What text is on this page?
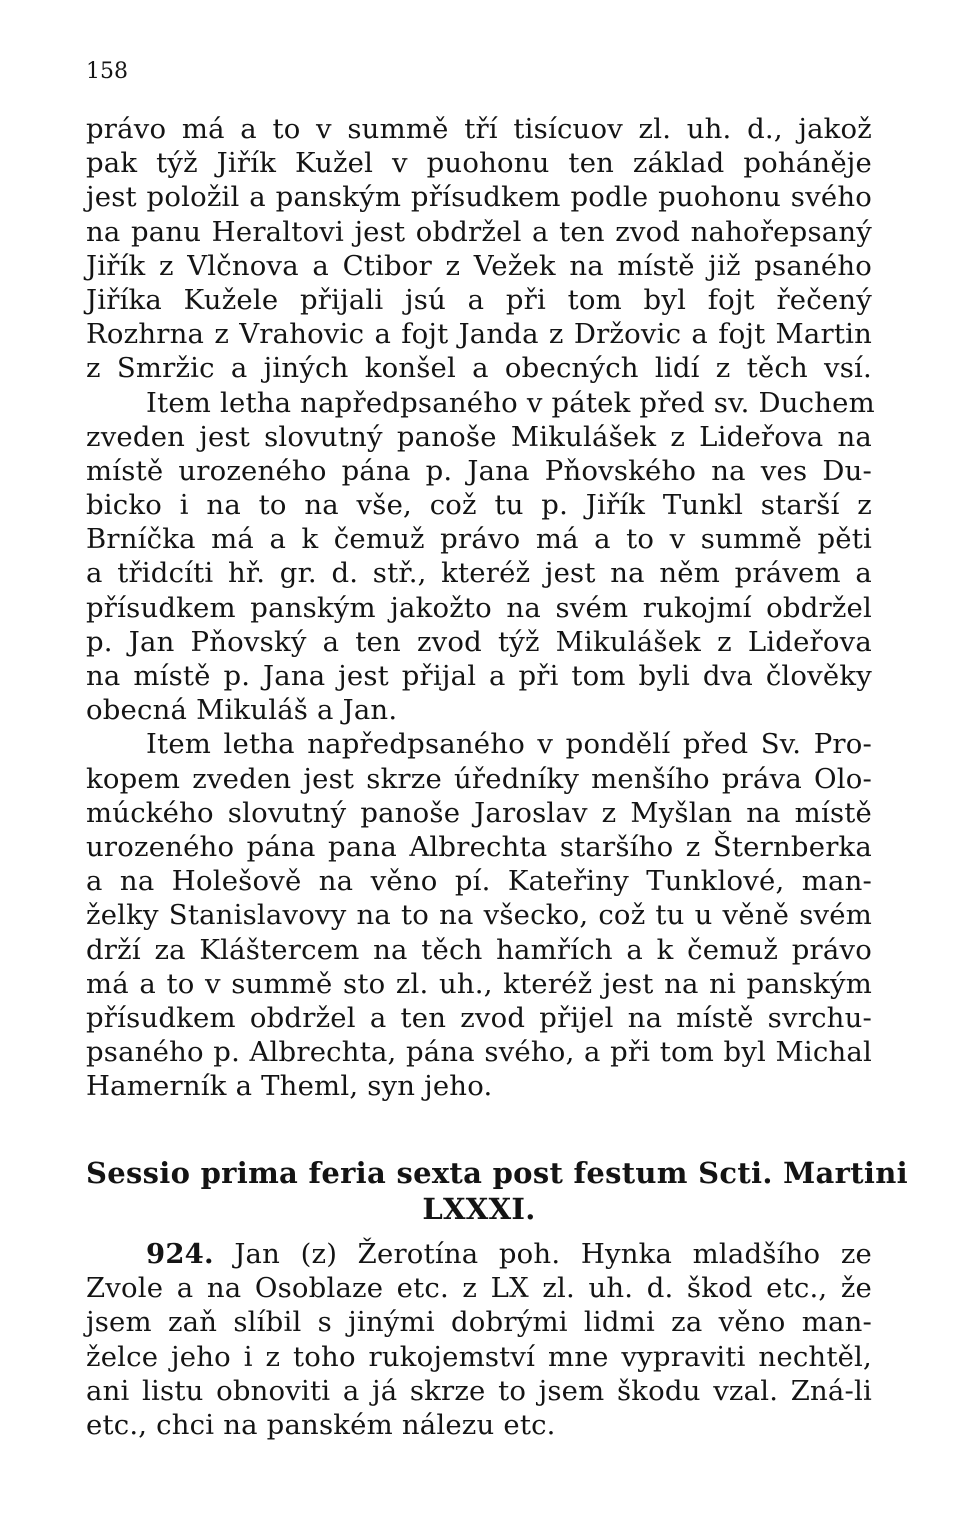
158

právo má a to v summě tří tisícuov zl. uh. d., jakož
pak týž Jiřík Kužel v puohonu ten základ poháněje
jest položil a panským přísudkem podle puohonu svého
na panu Heraltovi jest obdržel a ten zvod nahořepsaný
Jiřík z Vlčnova a Ctibor z Vežek na místě již psaného
Jiříka Kužele přijali jsú a při tom byl fojt řečený
Rozhrna z Vrahovic a fojt Janda z Držovic a fojt Martin
z Smržic a jiných konšel a obecných lidí z těch vsí.
Item letha napředpsaného v pátek před sv. Duchem
zveden jest slovutný panoše Mikulášek z Lideřova na
místě urozeného pána p. Jana Pňovského na ves Du-
bicko i na to na vše, což tu p. Jiřík Tunkl starší z
Brníčka má a k čemuž právo má a to v summě pěti
a třidcíti hř. gr. d. stř., kteréž jest na něm právem a
přísudkem panským jakožto na svém rukojmí obdržel
p. Jan Pňovský a ten zvod týž Mikulášek z Lideřova
na místě p. Jana jest přijal a při tom byli dva člověky
obecná Mikuláš a Jan.
Item letha napředpsaného v pondělí před Sv. Pro-
kopem zveden jest skrze úředníky menšího práva Olo-
múckého slovutný panoše Jaroslav z Myšlan na místě
urozeného pána pana Albrechta staršího z Šternberka
a na Holešově na věno pí. Kateřiny Tunklové, man-
želky Stanislavovy na to na všecko, což tu u věně svém
drží za Kláštercem na těch hamřích a k čemuž právo
má a to v summě sto zl. uh., kteréž jest na ni panským
přísudkem obdržel a ten zvod přijel na místě svrchu-
psaného p. Albrechta, pána svého, a při tom byl Michal
Hamerník a Theml, syn jeho.
Sessio prima feria sexta post festum Scti. Martini
LXXXI.
924. Jan (z) Žerotína poh. Hynka mladšího ze
Zvole a na Osoblaze etc. z LX zl. uh. d. škod etc., že
jsem zaň slíbil s jinými dobrými lidmi za věno man-
želce jeho i z toho rukojemství mne vypraviti nechtěl,
ani listu obnoviti a já skrze to jsem škodu vzal. Zná-li
etc., chci na panském nálezu etc.
